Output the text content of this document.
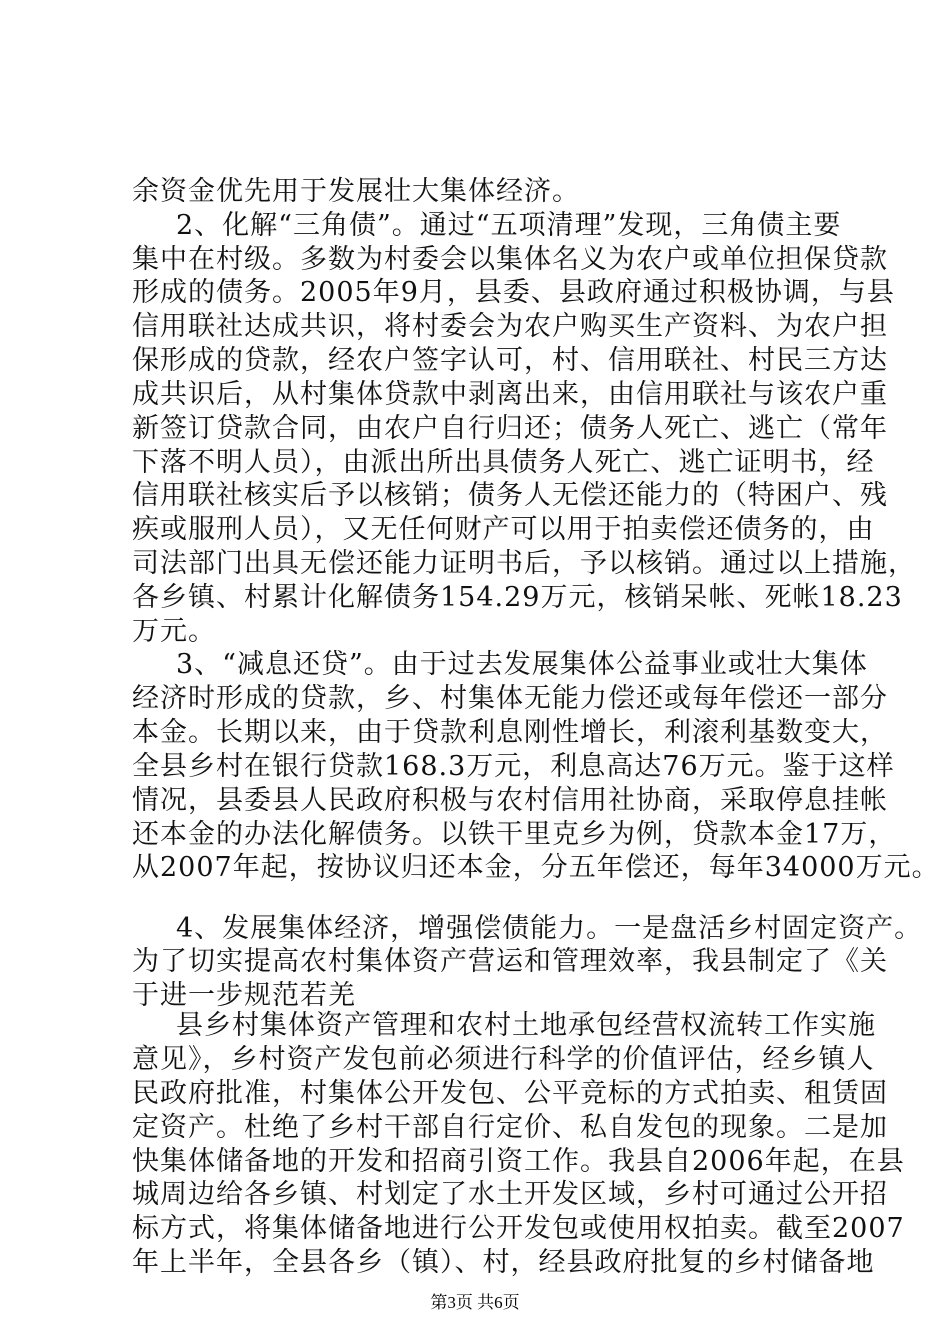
余资金优先用于发展壮大集体经济。
2、化解“三角债”。通过“五项清理”发现，三角债主要
集中在村级。多数为村委会以集体名义为农户或单位担保贷款
形成的债务。2005年9月，县委、县政府通过积极协调，与县
信用联社达成共识，将村委会为农户购买生产资料、为农户担
保形成的贷款，经农户签字认可，村、信用联社、村民三方达
成共识后，从村集体贷款中剥离出来，由信用联社与该农户重
新签订贷款合同，由农户自行归还；债务人死亡、逃亡（常年
下落不明人员），由派出所出具债务人死亡、逃亡证明书，经
信用联社核实后予以核销；债务人无偿还能力的（特困户、残
疾或服刑人员），又无任何财产可以用于拍卖偿还债务的，由
司法部门出具无偿还能力证明书后，予以核销。通过以上措施，
各乡镇、村累计化解债务154.29万元，核销呆帐、死帐18.23
万元。
3、“减息还贷”。由于过去发展集体公益事业或壮大集体
经济时形成的贷款，乡、村集体无能力偿还或每年偿还一部分
本金。长期以来，由于贷款利息刚性增长，利滚利基数变大，
全县乡村在银行贷款168.3万元，利息高达76万元。鉴于这样
情况，县委县人民政府积极与农村信用社协商，采取停息挂帐
还本金的办法化解债务。以铁干里克乡为例，贷款本金17万，
从2007年起，按协议归还本金，分五年偿还，每年34000万元。
4、发展集体经济，增强偿债能力。一是盘活乡村固定资产。
为了切实提高农村集体资产营运和管理效率，我县制定了《关
于进一步规范若羌
县乡村集体资产管理和农村土地承包经营权流转工作实施
意见》，乡村资产发包前必须进行科学的价值评估，经乡镇人
民政府批准，村集体公开发包、公平竞标的方式拍卖、租赁固
定资产。杜绝了乡村干部自行定价、私自发包的现象。二是加
快集体储备地的开发和招商引资工作。我县自2006年起，在县
城周边给各乡镇、村划定了水土开发区域，乡村可通过公开招
标方式，将集体储备地进行公开发包或使用权拍卖。截至2007
年上半年，全县各乡（镇）、村，经县政府批复的乡村储备地
第3页 共6页
